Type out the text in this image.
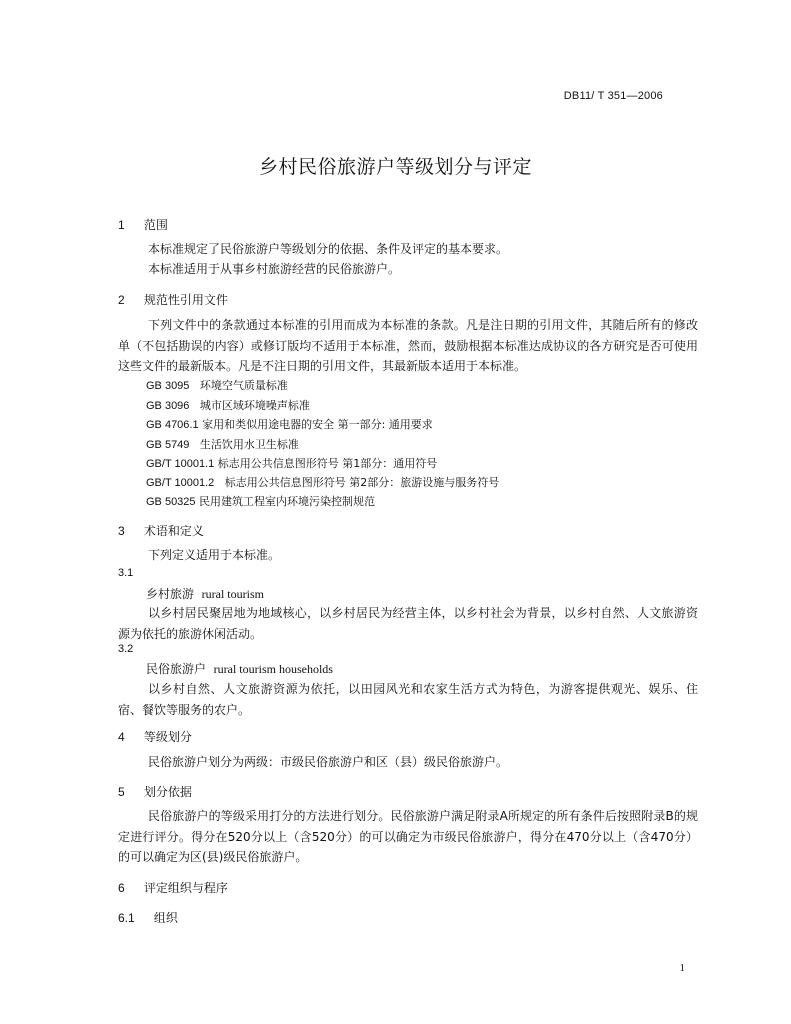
DB11/ T 351—2006
乡村民俗旅游户等级划分与评定
1 范围
本标准规定了民俗旅游户等级划分的依据、条件及评定的基本要求。
本标准适用于从事乡村旅游经营的民俗旅游户。
2 规范性引用文件
下列文件中的条款通过本标准的引用而成为本标准的条款。凡是注日期的引用文件，其随后所有的修改单（不包括勘误的内容）或修订版均不适用于本标准，然而，鼓励根据本标准达成协议的各方研究是否可使用这些文件的最新版本。凡是不注日期的引用文件，其最新版本适用于本标准。
GB 3095 环境空气质量标准
GB 3096 城市区域环境噪声标准
GB 4706.1 家用和类似用途电器的安全 第一部分: 通用要求
GB 5749 生活饮用水卫生标准
GB/T 10001.1 标志用公共信息图形符号 第1部分：通用符号
GB/T 10001.2 标志用公共信息图形符号 第2部分：旅游设施与服务符号
GB 50325 民用建筑工程室内环境污染控制规范
3 术语和定义
下列定义适用于本标准。
3.1
乡村旅游 rural tourism
以乡村居民聚居地为地域核心，以乡村居民为经营主体，以乡村社会为背景，以乡村自然、人文旅游资源为依托的旅游休闲活动。
3.2
民俗旅游户 rural tourism households
以乡村自然、人文旅游资源为依托，以田园风光和农家生活方式为特色，为游客提供观光、娱乐、住宿、餐饮等服务的农户。
4 等级划分
民俗旅游户划分为两级：市级民俗旅游户和区（县）级民俗旅游户。
5 划分依据
民俗旅游户的等级采用打分的方法进行划分。民俗旅游户满足附录A所规定的所有条件后按照附录B的规定进行评分。得分在520分以上（含520分）的可以确定为市级民俗旅游户，得分在470分以上（含470分）的可以确定为区(县)级民俗旅游户。
6 评定组织与程序
6.1 组织
1
